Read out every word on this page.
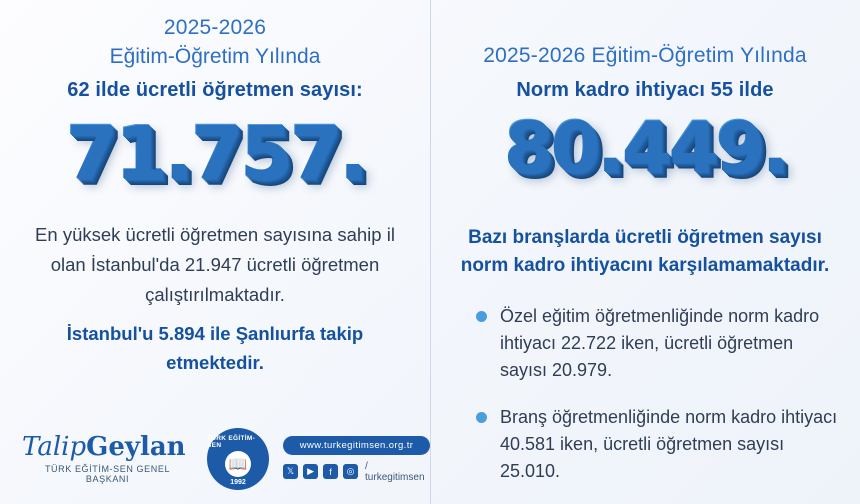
2025-2026
Eğitim-Öğretim Yılında
62 ilde ücretli öğretmen sayısı:
71.757.
En yüksek ücretli öğretmen sayısına sahip il olan İstanbul'da 21.947 ücretli öğretmen çalıştırılmaktadır.
İstanbul'u 5.894 ile Şanlıurfa takip etmektedir.
TalipGeylan
TÜRK EĞİTİM-SEN GENEL BAŞKANI
TÜRK EĞİTİM-SEN
📖
1992
www.turkegitimsen.org.tr
𝕏	▶	f	◎	/ turkegitimsen
2025-2026 Eğitim-Öğretim Yılında
Norm kadro ihtiyacı 55 ilde
80.449.
Bazı branşlarda ücretli öğretmen sayısı norm kadro ihtiyacını karşılamamaktadır.
Özel eğitim öğretmenliğinde norm kadro ihtiyacı 22.722 iken, ücretli öğretmen sayısı 20.979.
Branş öğretmenliğinde norm kadro ihtiyacı 40.581 iken, ücretli öğretmen sayısı 25.010.
